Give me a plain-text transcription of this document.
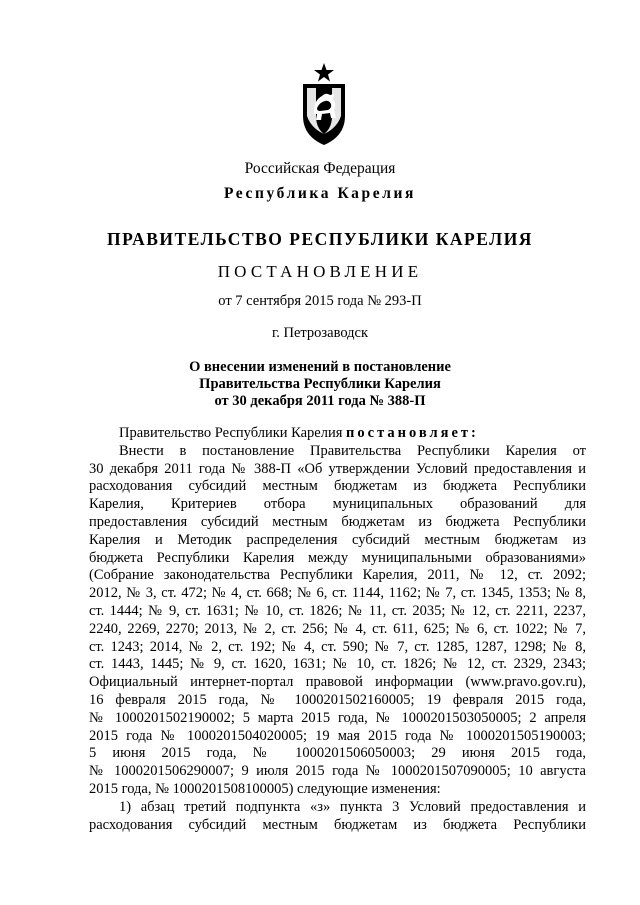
Российская Федерация
Республика Карелия
ПРАВИТЕЛЬСТВО РЕСПУБЛИКИ КАРЕЛИЯ
ПОСТАНОВЛЕНИЕ
от 7 сентября 2015 года № 293-П
г. Петрозаводск
О внесении изменений в постановление
Правительства Республики Карелия
от 30 декабря 2011 года № 388-П
Правительство Республики Карелия постановляет:
Внести в постановление Правительства Республики Карелия от
30 декабря 2011 года № 388-П «Об утверждении Условий предоставления и
расходования субсидий местным бюджетам из бюджета Республики
Карелия, Критериев отбора муниципальных образований для
предоставления субсидий местным бюджетам из бюджета Республики
Карелия и Методик распределения субсидий местным бюджетам из
бюджета Республики Карелия между муниципальными образованиями»
(Собрание законодательства Республики Карелия, 2011, № 12, ст. 2092;
2012, № 3, ст. 472; № 4, ст. 668; № 6, ст. 1144, 1162; № 7, ст. 1345, 1353; № 8,
ст. 1444; № 9, ст. 1631; № 10, ст. 1826; № 11, ст. 2035; № 12, ст. 2211, 2237,
2240, 2269, 2270; 2013, № 2, ст. 256; № 4, ст. 611, 625; № 6, ст. 1022; № 7,
ст. 1243; 2014, № 2, ст. 192; № 4, ст. 590; № 7, ст. 1285, 1287, 1298; № 8,
ст. 1443, 1445; № 9, ст. 1620, 1631; № 10, ст. 1826; № 12, ст. 2329, 2343;
Официальный интернет-портал правовой информации (www.pravo.gov.ru),
16 февраля 2015 года, № 1000201502160005; 19 февраля 2015 года,
№ 1000201502190002; 5 марта 2015 года, № 1000201503050005; 2 апреля
2015 года № 1000201504020005; 19 мая 2015 года № 1000201505190003;
5 июня 2015 года, № 1000201506050003; 29 июня 2015 года,
№ 1000201506290007; 9 июля 2015 года № 1000201507090005; 10 августа
2015 года, № 1000201508100005) следующие изменения:
1) абзац третий подпункта «з» пункта 3 Условий предоставления и
расходования субсидий местным бюджетам из бюджета Республики
